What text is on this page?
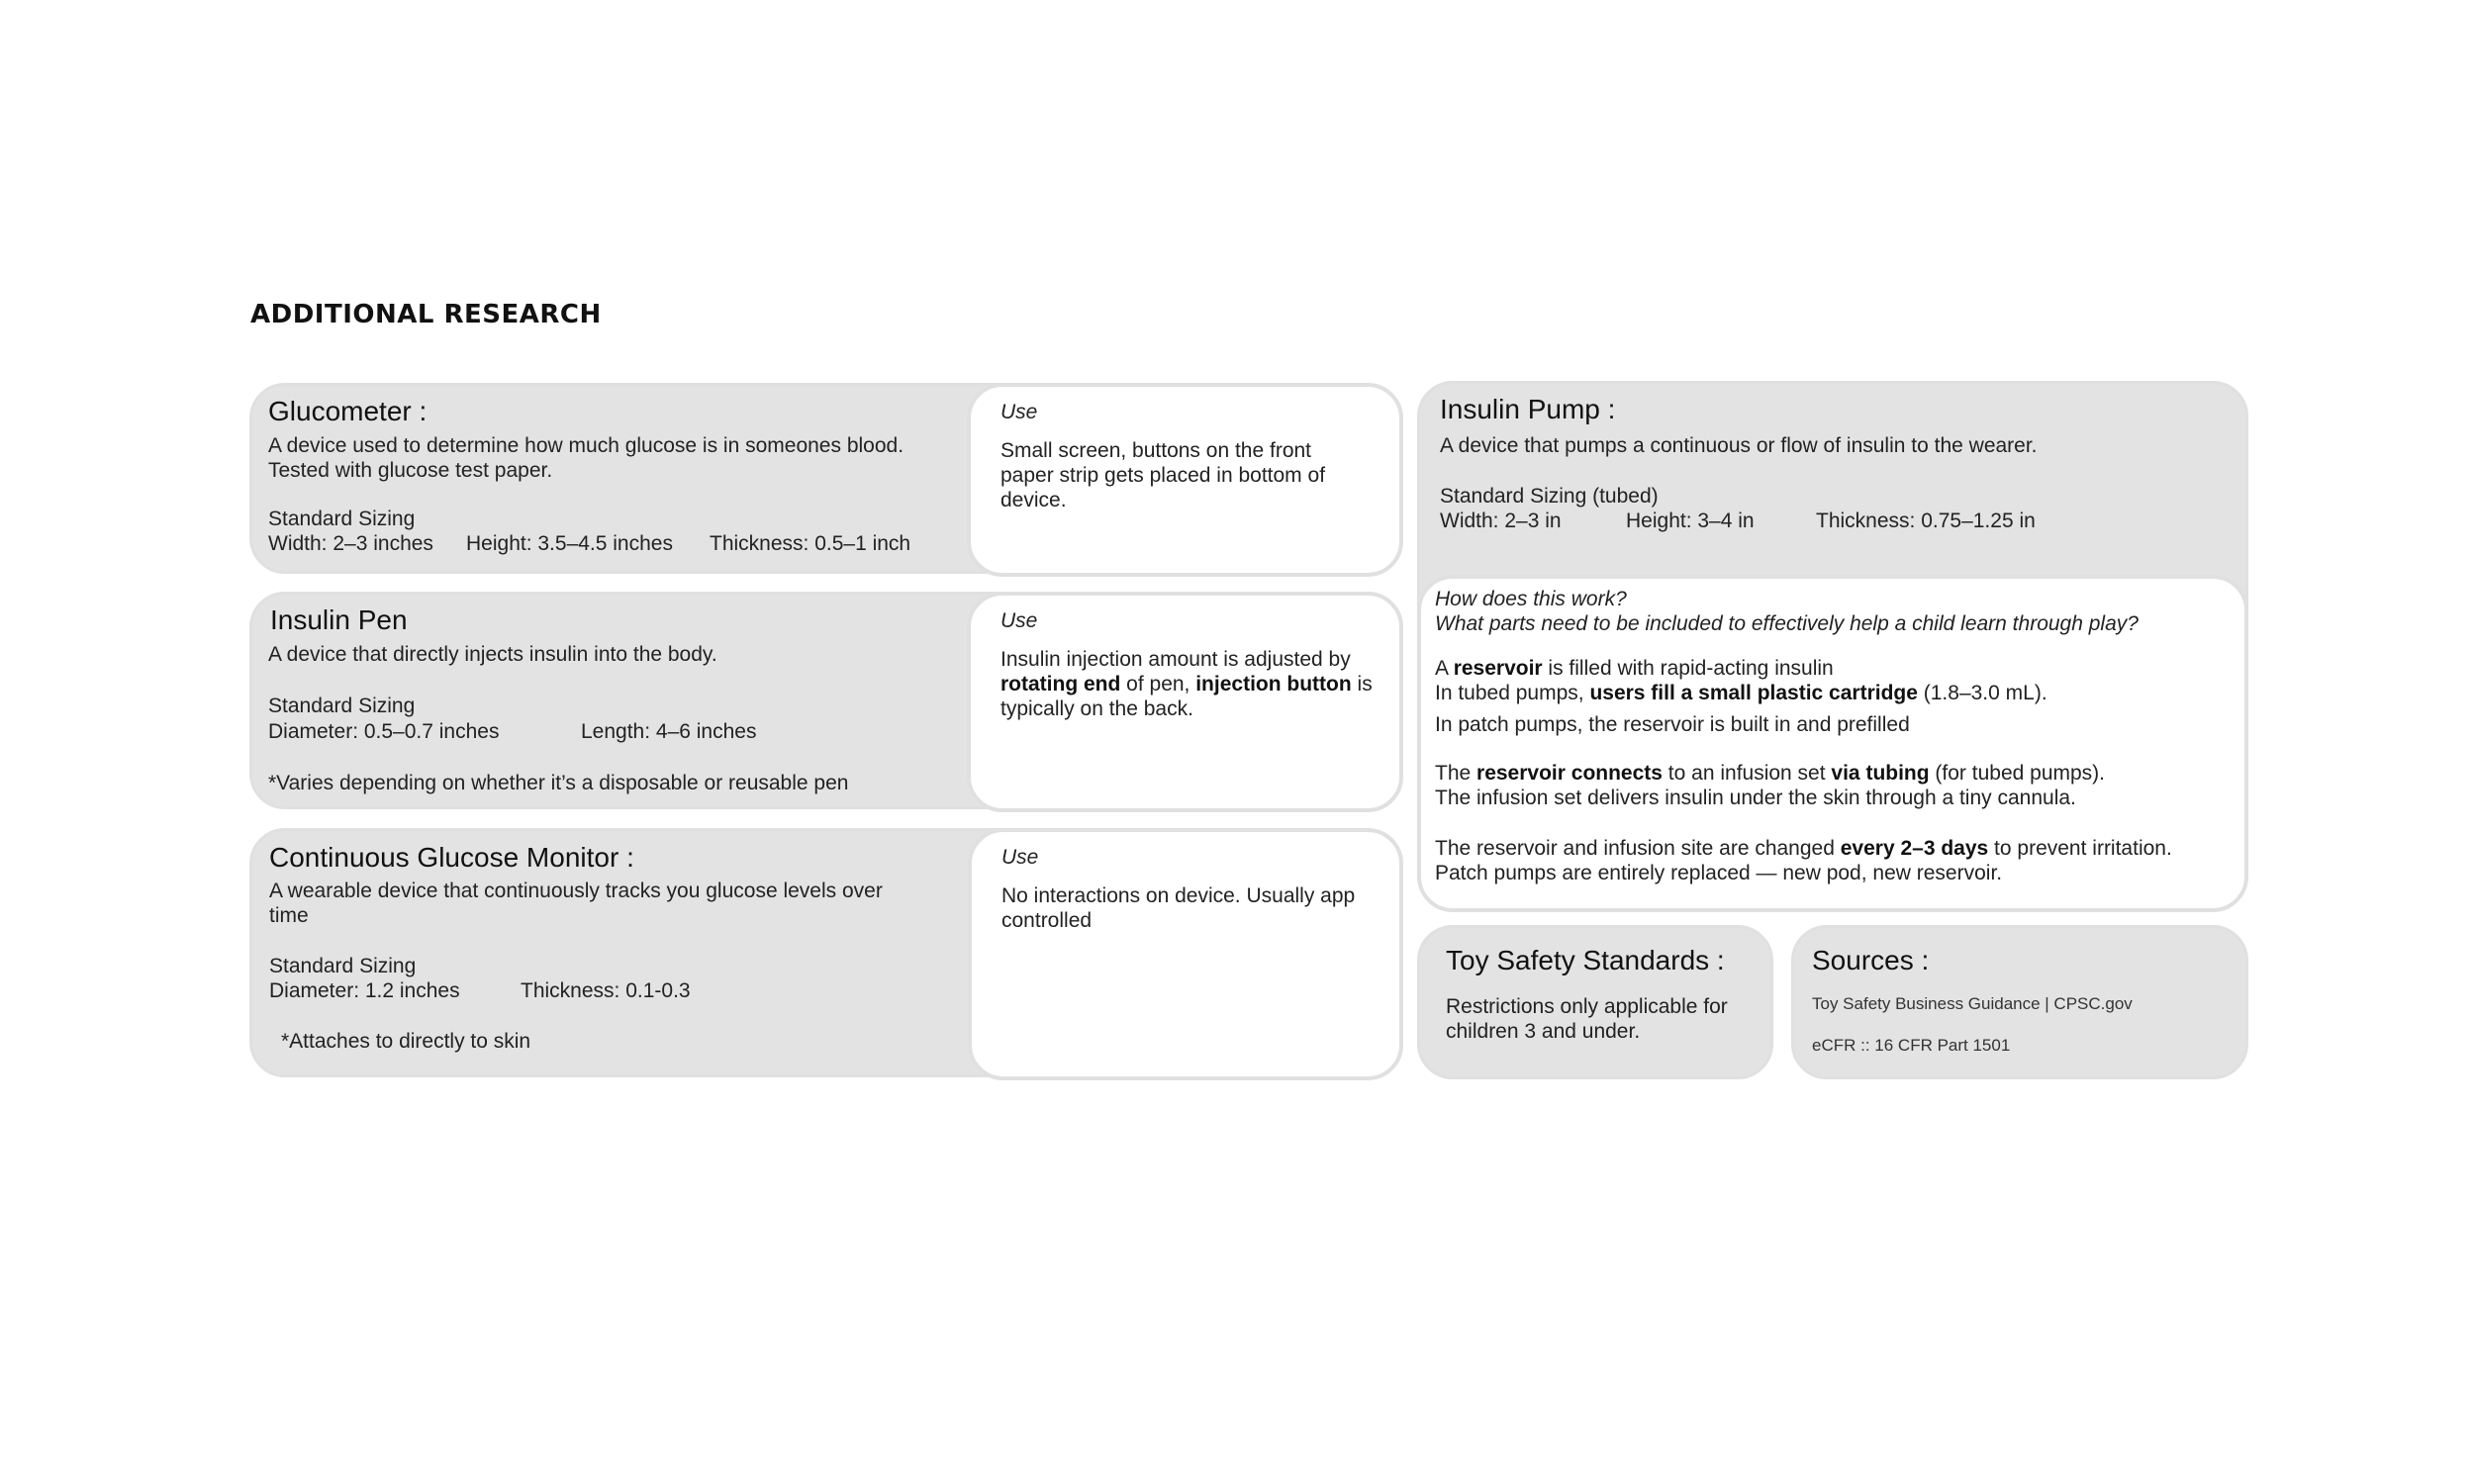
ADDITIONAL RESEARCH
Glucometer :
A device used to determine how much glucose is in someones blood. Tested with glucose test paper.
Standard Sizing
Width: 2–3 inches Height: 3.5–4.5 inches Thickness: 0.5–1 inch
Use
Small screen, buttons on the front paper strip gets placed in bottom of device.
Insulin Pen
A device that directly injects insulin into the body.
Standard Sizing
Diameter: 0.5–0.7 inches	Length: 4–6 inches
*Varies depending on whether it’s a disposable or reusable pen
Use
Insulin injection amount is adjusted by rotating end of pen, injection button is typically on the back.
Continuous Glucose Monitor :
A wearable device that continuously tracks you glucose levels over time
Standard Sizing
Diameter: 1.2 inches	Thickness: 0.1-0.3
*Attaches to directly to skin
Use
No interactions on device. Usually app controlled
Insulin Pump :
A device that pumps a continuous or flow of insulin to the wearer.
Standard Sizing (tubed)
Width: 2–3 in	Height: 3–4 in	Thickness: 0.75–1.25 in
How does this work?
What parts need to be included to effectively help a child learn through play?
A reservoir is filled with rapid-acting insulin
In tubed pumps, users fill a small plastic cartridge (1.8–3.0 mL).
In patch pumps, the reservoir is built in and prefilled
The reservoir connects to an infusion set via tubing (for tubed pumps).
The infusion set delivers insulin under the skin through a tiny cannula.
The reservoir and infusion site are changed every 2–3 days to prevent irritation.
Patch pumps are entirely replaced — new pod, new reservoir.
Toy Safety Standards :
Restrictions only applicable for children 3 and under.
Sources :
Toy Safety Business Guidance | CPSC.gov
eCFR :: 16 CFR Part 1501
